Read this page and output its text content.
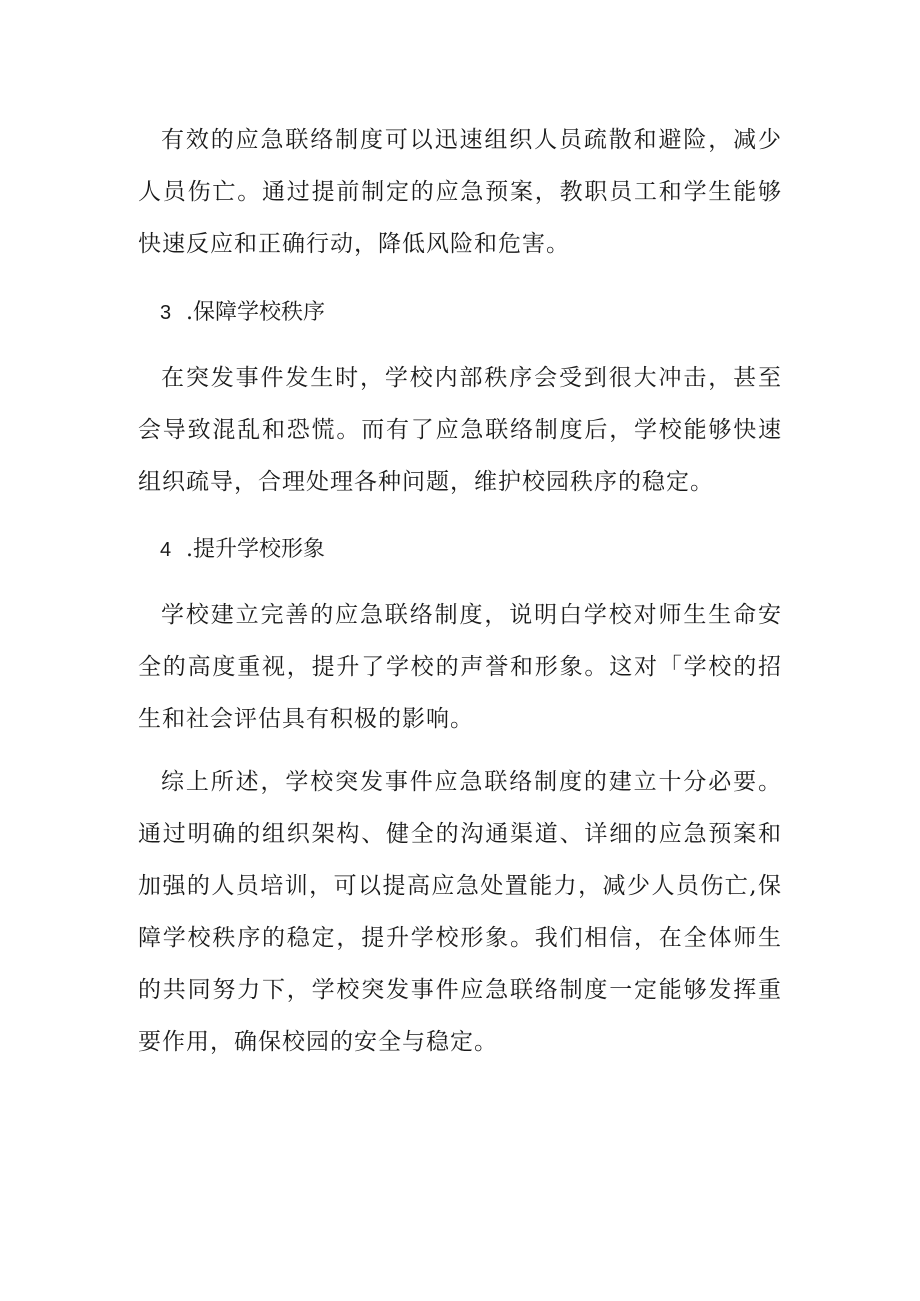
有效的应急联络制度可以迅速组织人员疏散和避险，减少人员伤亡。通过提前制定的应急预案，教职员工和学生能够快速反应和正确行动，降低风险和危害。

3 .保障学校秩序

在突发事件发生时，学校内部秩序会受到很大冲击，甚至会导致混乱和恐慌。而有了应急联络制度后，学校能够快速组织疏导，合理处理各种问题，维护校园秩序的稳定。

4 .提升学校形象

学校建立完善的应急联络制度，说明白学校对师生生命安全的高度重视，提升了学校的声誉和形象。这对「学校的招生和社会评估具有积极的影响。

综上所述，学校突发事件应急联络制度的建立十分必要。通过明确的组织架构、健全的沟通渠道、详细的应急预案和加强的人员培训，可以提高应急处置能力，减少人员伤亡,保障学校秩序的稳定，提升学校形象。我们相信，在全体师生的共同努力下，学校突发事件应急联络制度一定能够发挥重要作用，确保校园的安全与稳定。
